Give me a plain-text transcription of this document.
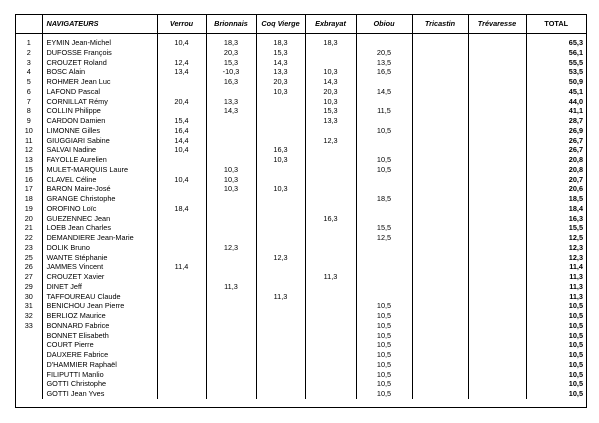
	NAVIGATEURS	Verrou	Brionnais	Coq Vierge	Exbrayat	Obiou	Tricastin	Trévaresse	TOTAL
1	EYMIN Jean-Michel	10,4	18,3	18,3	18,3				65,3
2	DUFOSSE François		20,3	15,3		20,5			56,1
3	CROUZET Roland	12,4	15,3	14,3		13,5			55,5
4	BOSC Alain	13,4	-10,3	13,3	10,3	16,5			53,5
5	ROHMER Jean Luc		16,3	20,3	14,3				50,9
6	LAFOND Pascal			10,3	20,3	14,5			45,1
7	CORNILLAT Rémy	20,4	13,3		10,3				44,0
8	COLLIN Philippe		14,3		15,3	11,5			41,1
9	CARDON Damien	15,4			13,3				28,7
10	LIMONNE Gilles	16,4				10,5			26,9
11	GIUGGIARI Sabine	14,4			12,3				26,7
12	SALVAI Nadine	10,4		16,3					26,7
13	FAYOLLE Aurelien			10,3		10,5			20,8
15	MULET-MARQUIS Laure		10,3			10,5			20,8
16	CLAVEL Céline	10,4	10,3						20,7
17	BARON Maire-José		10,3	10,3					20,6
18	GRANGE Christophe					18,5			18,5
19	OROFINO Loïc	18,4							18,4
20	GUEZENNEC Jean				16,3				16,3
21	LOEB Jean Charles					15,5			15,5
22	DEMANDIERE Jean-Marie					12,5			12,5
23	DOLIK Bruno		12,3						12,3
25	WANTE Stéphanie			12,3					12,3
26	JAMMES Vincent	11,4							11,4
27	CROUZET Xavier				11,3				11,3
29	DINET Jeff		11,3						11,3
30	TAFFOUREAU Claude			11,3					11,3
31	BENICHOU Jean Pierre					10,5			10,5
32	BERLIOZ Maurice					10,5			10,5
33	BONNARD Fabrice					10,5			10,5
	BONNET Elisabeth					10,5			10,5
	COURT Pierre					10,5			10,5
	DAUXERE Fabrice					10,5			10,5
	D'HAMMIER Raphaël					10,5			10,5
	FILIPUTTI Manlio					10,5			10,5
	GOTTI Christophe					10,5			10,5
	GOTTI Jean Yves					10,5			10,5
